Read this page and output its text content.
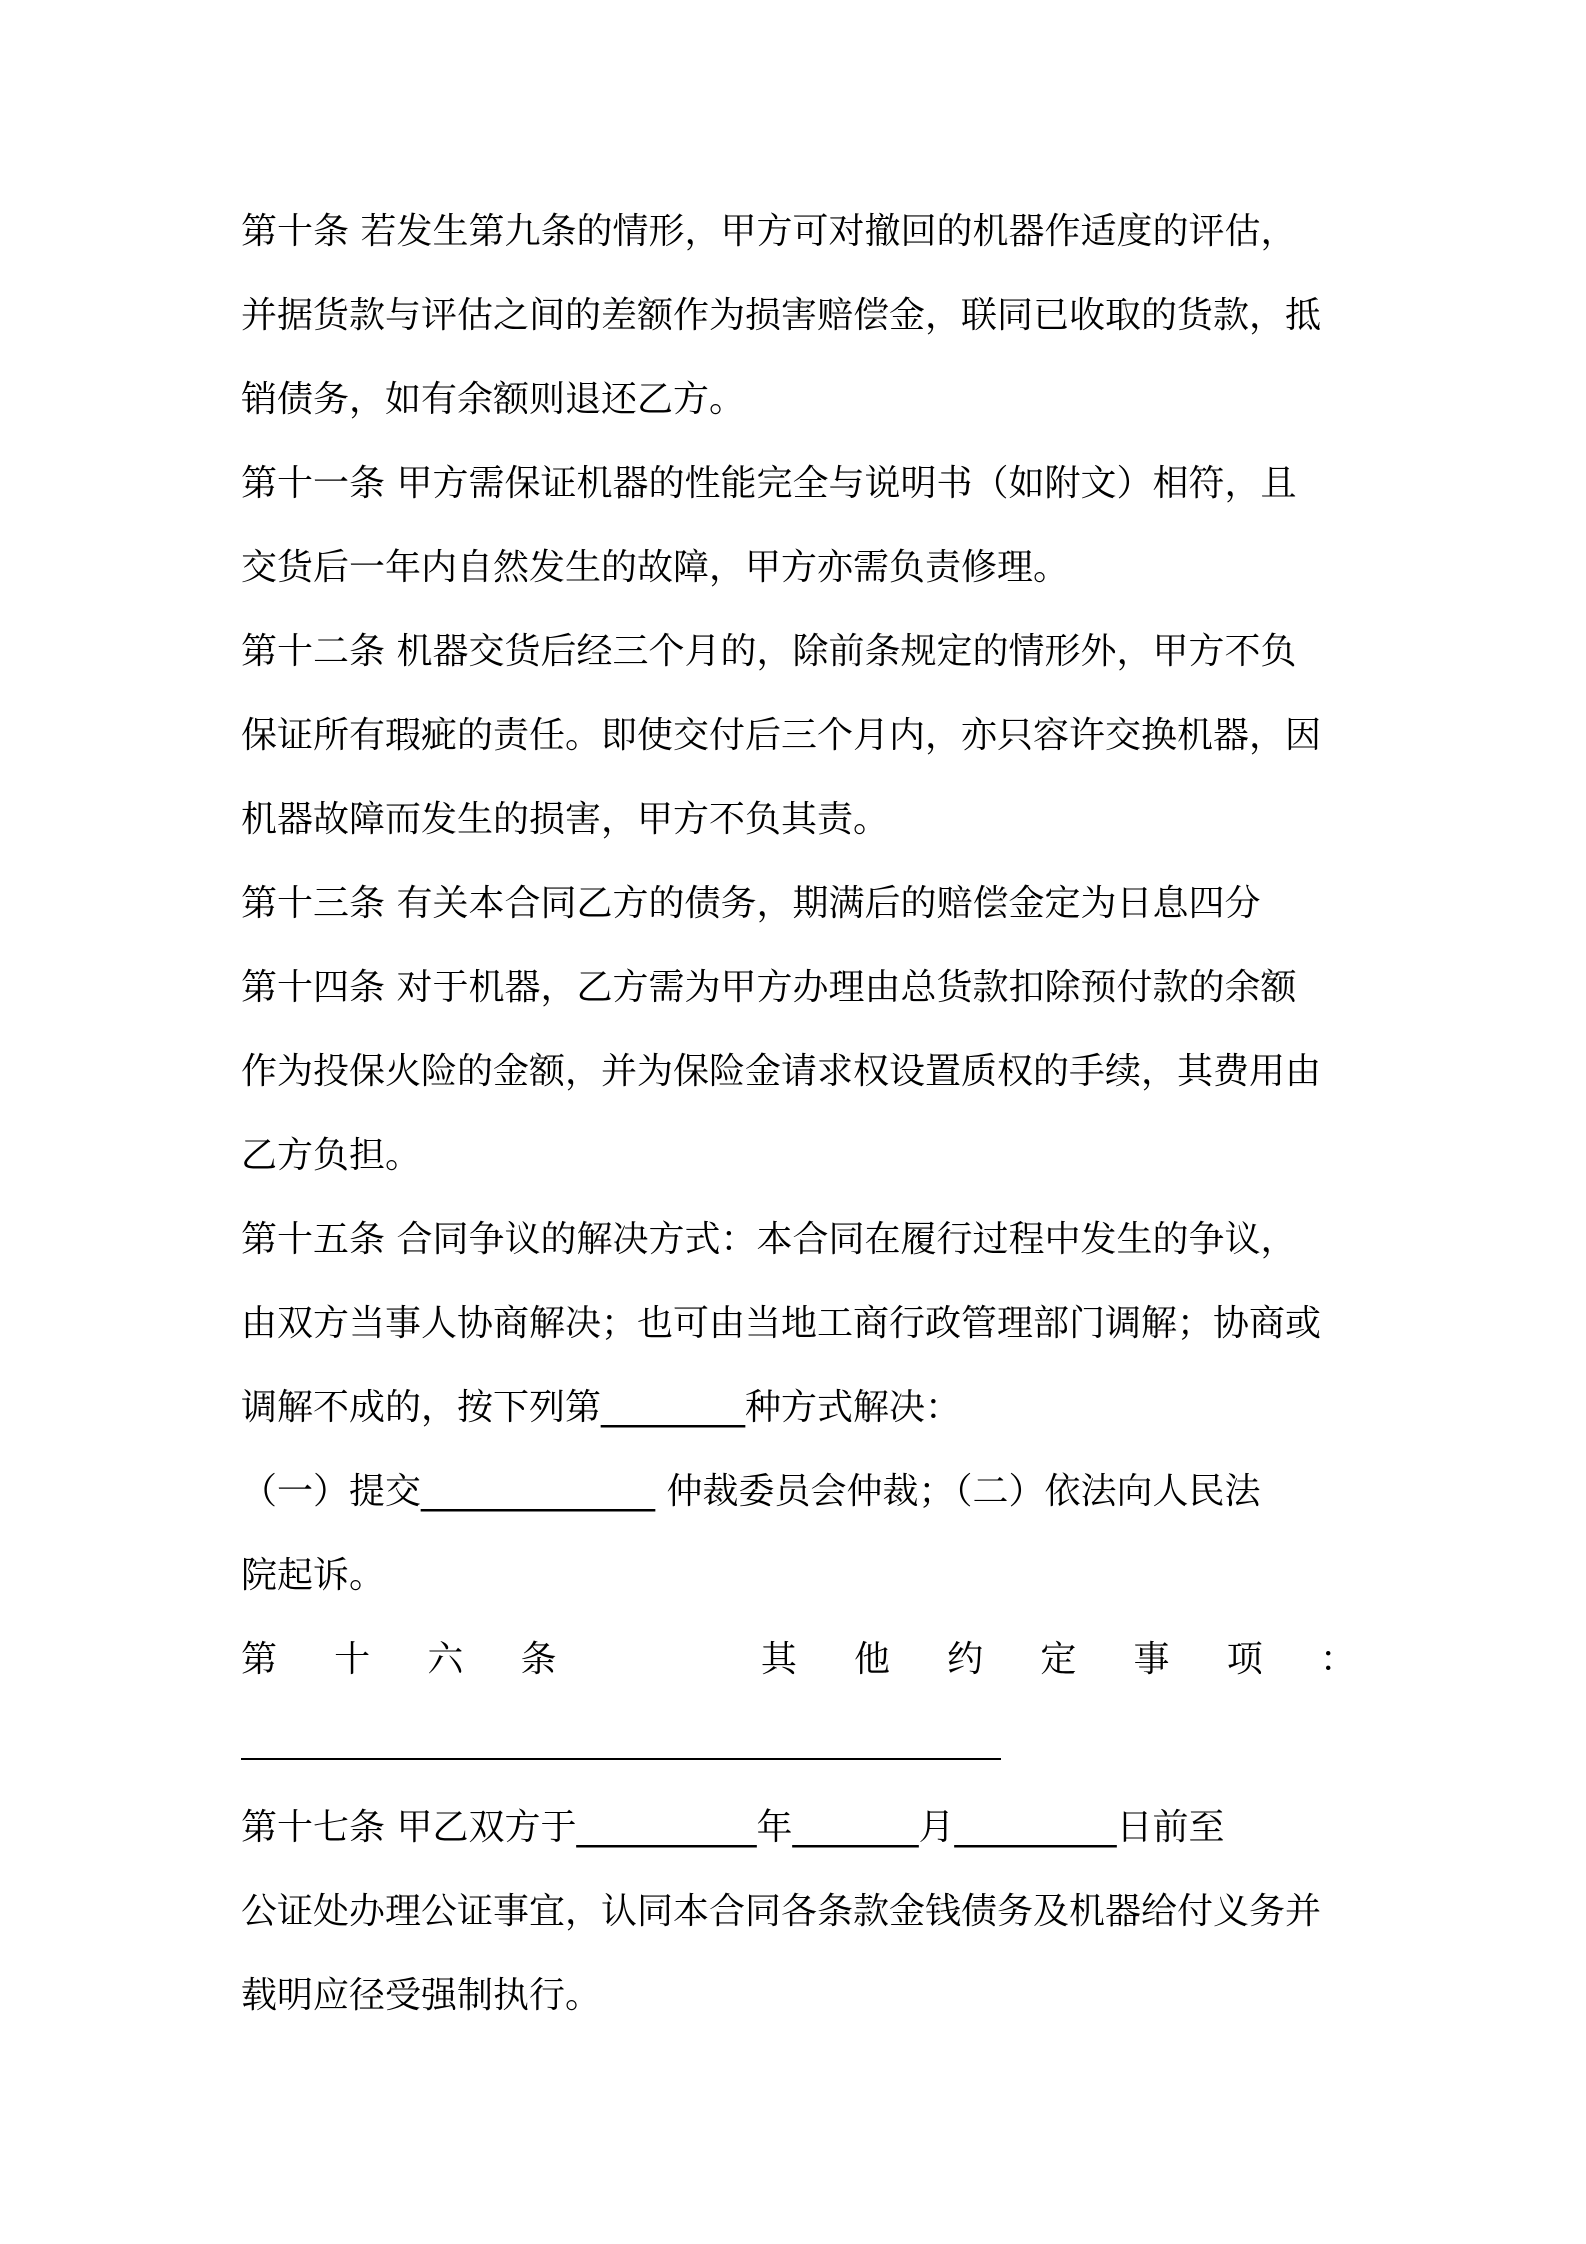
第十条 若发生第九条的情形，甲方可对撤回的机器作适度的评估，
并据货款与评估之间的差额作为损害赔偿金，联同已收取的货款，抵
销债务，如有余额则退还乙方。
第十一条 甲方需保证机器的性能完全与说明书（如附文）相符，且
交货后一年内自然发生的故障，甲方亦需负责修理。
第十二条 机器交货后经三个月的，除前条规定的情形外，甲方不负
保证所有瑕疵的责任。即使交付后三个月内，亦只容许交换机器，因
机器故障而发生的损害，甲方不负其责。
第十三条 有关本合同乙方的债务，期满后的赔偿金定为日息四分
第十四条 对于机器，乙方需为甲方办理由总货款扣除预付款的余额
作为投保火险的金额，并为保险金请求权设置质权的手续，其费用由
乙方负担。
第十五条 合同争议的解决方式：本合同在履行过程中发生的争议，
由双方当事人协商解决；也可由当地工商行政管理部门调解；协商或
调解不成的，按下列第________种方式解决：
（一）提交_____________ 仲裁委员会仲裁；（二）依法向人民法
院起诉。
第 十 六 条	其 他 约 定 事 项 ：
第十七条 甲乙双方于__________年_______月_________日前至
公证处办理公证事宜，认同本合同各条款金钱债务及机器给付义务并
载明应径受强制执行。
